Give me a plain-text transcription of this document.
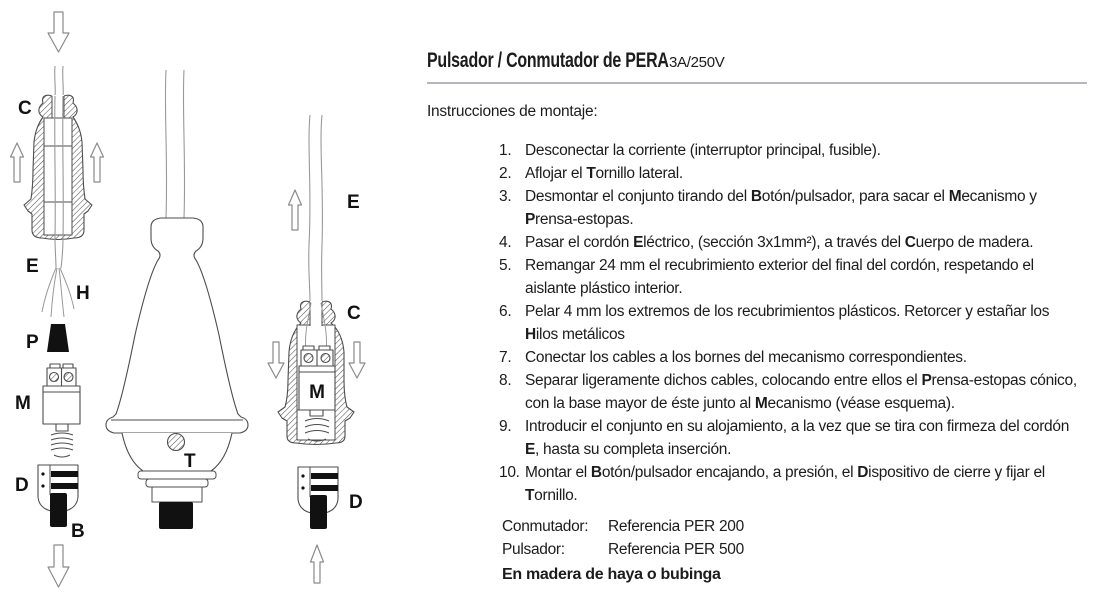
C
E
H
P
M
D
B
T
E
C
M
D
Pulsador / Conmutador de PERA 3A/250V
Instrucciones de montaje:
1. Desconectar la corriente (interruptor principal, fusible).
2. Aflojar el Tornillo lateral.
3. Desmontar el conjunto tirando del Botón/pulsador, para sacar el Mecanismo y Prensa-estopas.
4. Pasar el cordón Eléctrico, (sección 3x1mm²), a través del Cuerpo de madera.
5. Remangar 24 mm el recubrimiento exterior del final del cordón, respetando el aislante plástico interior.
6. Pelar 4 mm los extremos de los recubrimientos plásticos. Retorcer y estañar los Hilos metálicos
7. Conectar los cables a los bornes del mecanismo correspondientes.
8. Separar ligeramente dichos cables, colocando entre ellos el Prensa-estopas cónico, con la base mayor de éste junto al Mecanismo (véase esquema).
9. Introducir el conjunto en su alojamiento, a la vez que se tira con firmeza del cordón E, hasta su completa inserción.
10. Montar el Botón/pulsador encajando, a presión, el Dispositivo de cierre y fijar el Tornillo.
Conmutador:	Referencia PER 200
Pulsador:	Referencia PER 500
En madera de haya o bubinga
